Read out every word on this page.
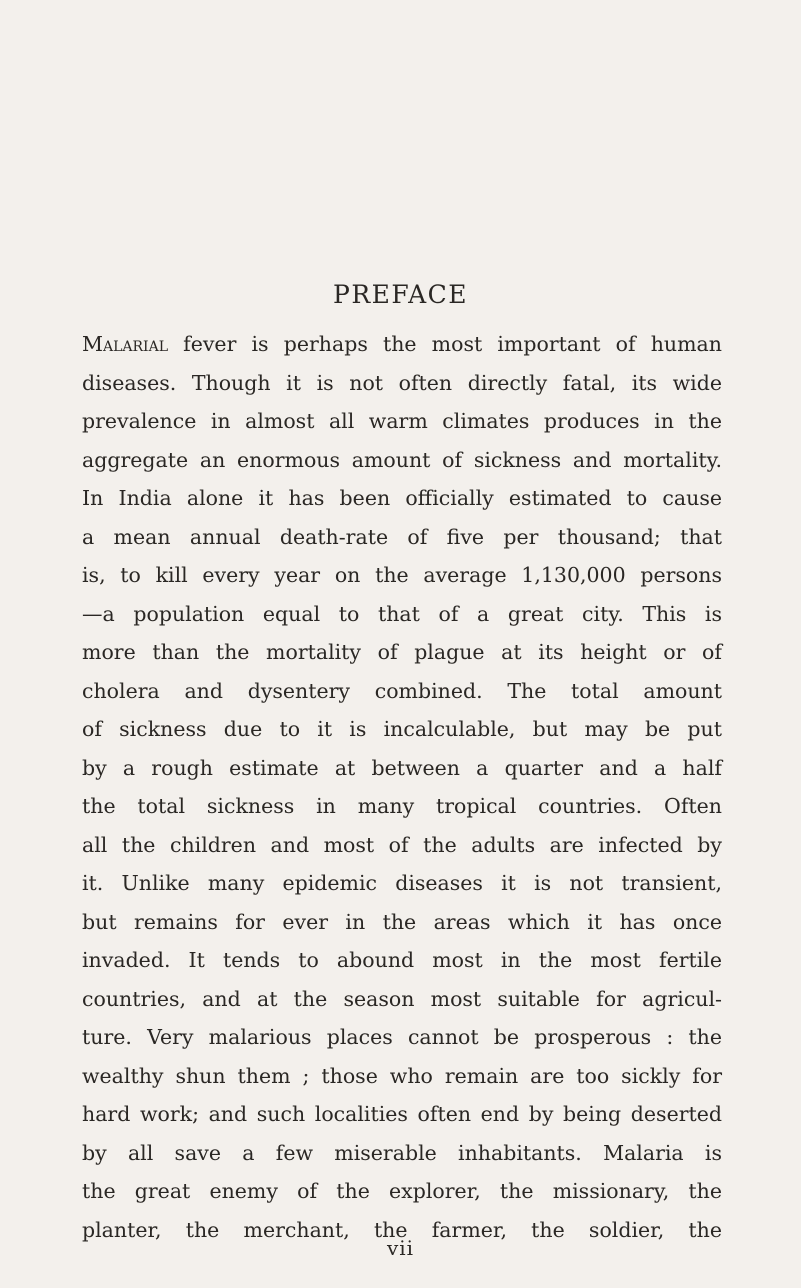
PREFACE
Malarial fever is perhaps the most important of human
diseases. Though it is not often directly fatal, its wide
prevalence in almost all warm climates produces in the
aggregate an enormous amount of sickness and mortality.
In India alone it has been officially estimated to cause
a mean annual death-rate of five per thousand; that
is, to kill every year on the average 1,130,000 persons
—a population equal to that of a great city. This is
more than the mortality of plague at its height or of
cholera and dysentery combined. The total amount
of sickness due to it is incalculable, but may be put
by a rough estimate at between a quarter and a half
the total sickness in many tropical countries. Often
all the children and most of the adults are infected by
it. Unlike many epidemic diseases it is not transient,
but remains for ever in the areas which it has once
invaded. It tends to abound most in the most fertile
countries, and at the season most suitable for agricul-
ture. Very malarious places cannot be prosperous : the
wealthy shun them ; those who remain are too sickly for
hard work; and such localities often end by being deserted
by all save a few miserable inhabitants. Malaria is
the great enemy of the explorer, the missionary, the
planter, the merchant, the farmer, the soldier, the
vii
